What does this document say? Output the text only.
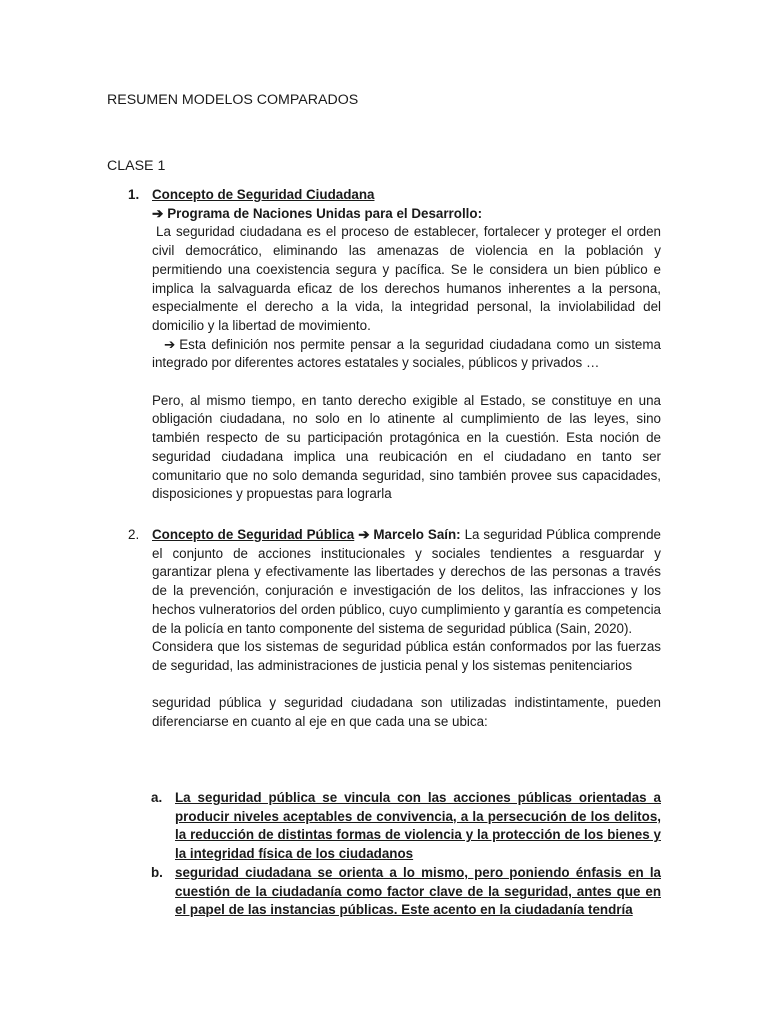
RESUMEN MODELOS COMPARADOS
CLASE 1
1. Concepto de Seguridad Ciudadana
➔ Programa de Naciones Unidas para el Desarrollo:
La seguridad ciudadana es el proceso de establecer, fortalecer y proteger el orden civil democrático, eliminando las amenazas de violencia en la población y permitiendo una coexistencia segura y pacífica. Se le considera un bien público e implica la salvaguarda eficaz de los derechos humanos inherentes a la persona, especialmente el derecho a la vida, la integridad personal, la inviolabilidad del domicilio y la libertad de movimiento.
➔ Esta definición nos permite pensar a la seguridad ciudadana como un sistema integrado por diferentes actores estatales y sociales, públicos y privados …
Pero, al mismo tiempo, en tanto derecho exigible al Estado, se constituye en una obligación ciudadana, no solo en lo atinente al cumplimiento de las leyes, sino también respecto de su participación protagónica en la cuestión. Esta noción de seguridad ciudadana implica una reubicación en el ciudadano en tanto ser comunitario que no solo demanda seguridad, sino también provee sus capacidades, disposiciones y propuestas para lograrla
2. Concepto de Seguridad Pública ➔ Marcelo Saín: La seguridad Pública comprende el conjunto de acciones institucionales y sociales tendientes a resguardar y garantizar plena y efectivamente las libertades y derechos de las personas a través de la prevención, conjuración e investigación de los delitos, las infracciones y los hechos vulneratorios del orden público, cuyo cumplimiento y garantía es competencia de la policía en tanto componente del sistema de seguridad pública (Sain, 2020).
Considera que los sistemas de seguridad pública están conformados por las fuerzas de seguridad, las administraciones de justicia penal y los sistemas penitenciarios
seguridad pública y seguridad ciudadana son utilizadas indistintamente, pueden diferenciarse en cuanto al eje en que cada una se ubica:
a. La seguridad pública se vincula con las acciones públicas orientadas a producir niveles aceptables de convivencia, a la persecución de los delitos, la reducción de distintas formas de violencia y la protección de los bienes y la integridad física de los ciudadanos
b. seguridad ciudadana se orienta a lo mismo, pero poniendo énfasis en la cuestión de la ciudadanía como factor clave de la seguridad, antes que en el papel de las instancias públicas. Este acento en la ciudadanía tendría
